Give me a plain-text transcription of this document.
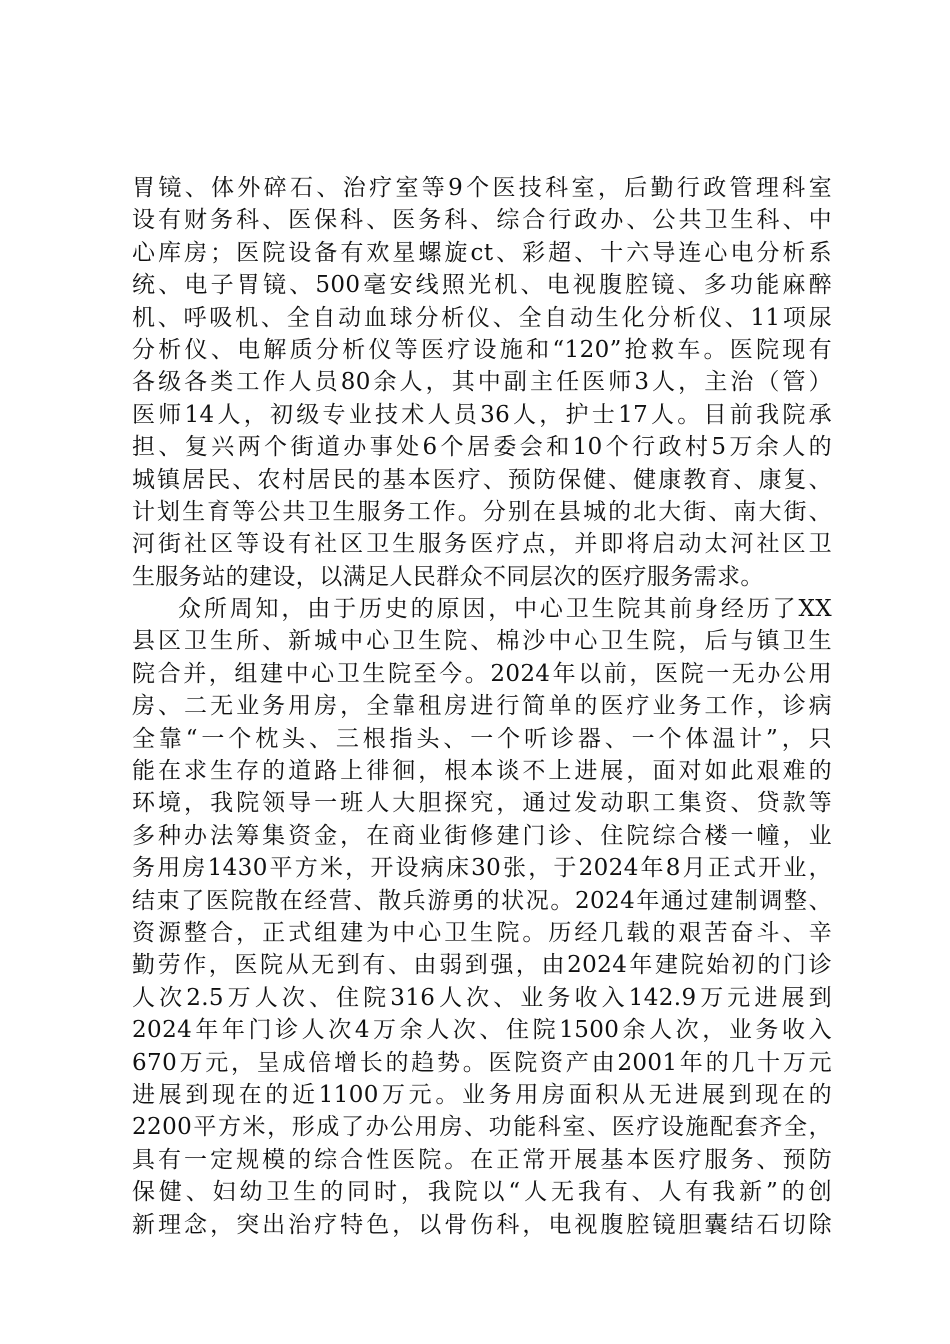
胃镜、体外碎石、治疗室等9个医技科室，后勤行政管理科室
设有财务科、医保科、医务科、综合行政办、公共卫生科、中
心库房；医院设备有欢星螺旋ct、彩超、十六导连心电分析系
统、电子胃镜、500毫安线照光机、电视腹腔镜、多功能麻醉
机、呼吸机、全自动血球分析仪、全自动生化分析仪、11项尿
分析仪、电解质分析仪等医疗设施和“120”抢救车。医院现有
各级各类工作人员80余人，其中副主任医师3人，主治（管）
医师14人，初级专业技术人员36人，护士17人。目前我院承
担、复兴两个街道办事处6个居委会和10个行政村5万余人的
城镇居民、农村居民的基本医疗、预防保健、健康教育、康复、
计划生育等公共卫生服务工作。分别在县城的北大街、南大街、
河街社区等设有社区卫生服务医疗点，并即将启动太河社区卫
生服务站的建设，以满足人民群众不同层次的医疗服务需求。
众所周知，由于历史的原因，中心卫生院其前身经历了XX
县区卫生所、新城中心卫生院、棉沙中心卫生院，后与镇卫生
院合并，组建中心卫生院至今。2024年以前，医院一无办公用
房、二无业务用房，全靠租房进行简单的医疗业务工作，诊病
全靠“一个枕头、三根指头、一个听诊器、一个体温计”，只
能在求生存的道路上徘徊，根本谈不上进展，面对如此艰难的
环境，我院领导一班人大胆探究，通过发动职工集资、贷款等
多种办法筹集资金，在商业街修建门诊、住院综合楼一幢，业
务用房1430平方米，开设病床30张，于2024年8月正式开业，
结束了医院散在经营、散兵游勇的状况。2024年通过建制调整、
资源整合，正式组建为中心卫生院。历经几载的艰苦奋斗、辛
勤劳作，医院从无到有、由弱到强，由2024年建院始初的门诊
人次2.5万人次、住院316人次、业务收入142.9万元进展到
2024年年门诊人次4万余人次、住院1500余人次，业务收入
670万元，呈成倍增长的趋势。医院资产由2001年的几十万元
进展到现在的近1100万元。业务用房面积从无进展到现在的
2200平方米，形成了办公用房、功能科室、医疗设施配套齐全，
具有一定规模的综合性医院。在正常开展基本医疗服务、预防
保健、妇幼卫生的同时，我院以“人无我有、人有我新”的创
新理念，突出治疗特色，以骨伤科，电视腹腔镜胆囊结石切除
